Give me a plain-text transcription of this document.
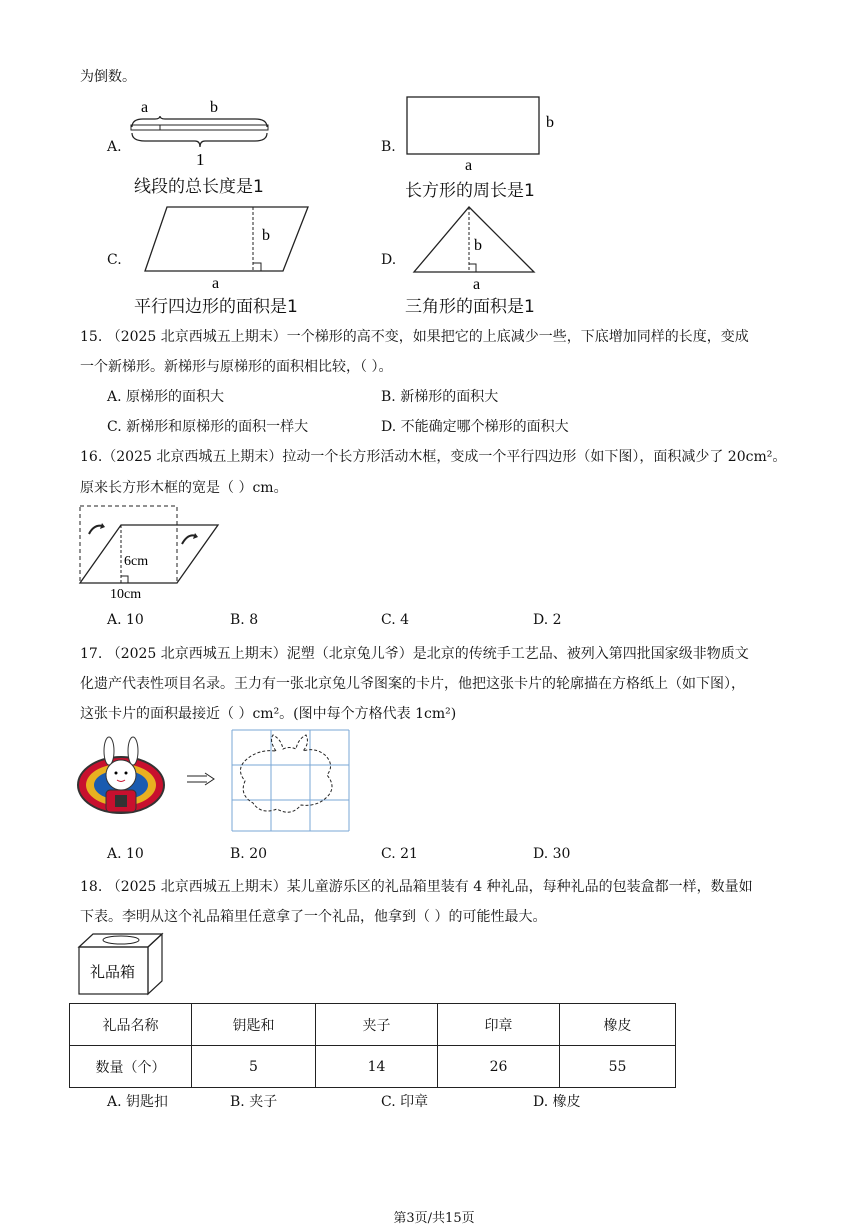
为倒数。
A.
a	b
1
线段的总长度是1
B.
b
a
长方形的周长是1
C.
b
a
平行四边形的面积是1
D.
b
a
三角形的面积是1
15. （2025 北京西城五上期末）一个梯形的高不变，如果把它的上底减少一些，下底增加同样的长度，变成
一个新梯形。新梯形与原梯形的面积相比较，（ ）。
A. 原梯形的面积大	B. 新梯形的面积大
C. 新梯形和原梯形的面积一样大	D. 不能确定哪个梯形的面积大
16.（2025 北京西城五上期末）拉动一个长方形活动木框，变成一个平行四边形（如下图），面积减少了 20cm²。
原来长方形木框的宽是（ ）cm。
6cm
10cm
A. 10	B. 8	C. 4	D. 2
17. （2025 北京西城五上期末）泥塑（北京兔儿爷）是北京的传统手工艺品、被列入第四批国家级非物质文
化遗产代表性项目名录。王力有一张北京兔儿爷图案的卡片，他把这张卡片的轮廓描在方格纸上（如下图），
这张卡片的面积最接近（ ）cm²。(图中每个方格代表 1cm²)
A. 10	B. 20	C. 21	D. 30
18. （2025 北京西城五上期末）某儿童游乐区的礼品箱里装有 4 种礼品，每种礼品的包装盒都一样，数量如
下表。李明从这个礼品箱里任意拿了一个礼品，他拿到（ ）的可能性最大。
礼品箱
礼品名称	钥匙和	夹子	印章	橡皮
数量（个）	5	14	26	55
A. 钥匙扣	B. 夹子	C. 印章	D. 橡皮
第3页/共15页
